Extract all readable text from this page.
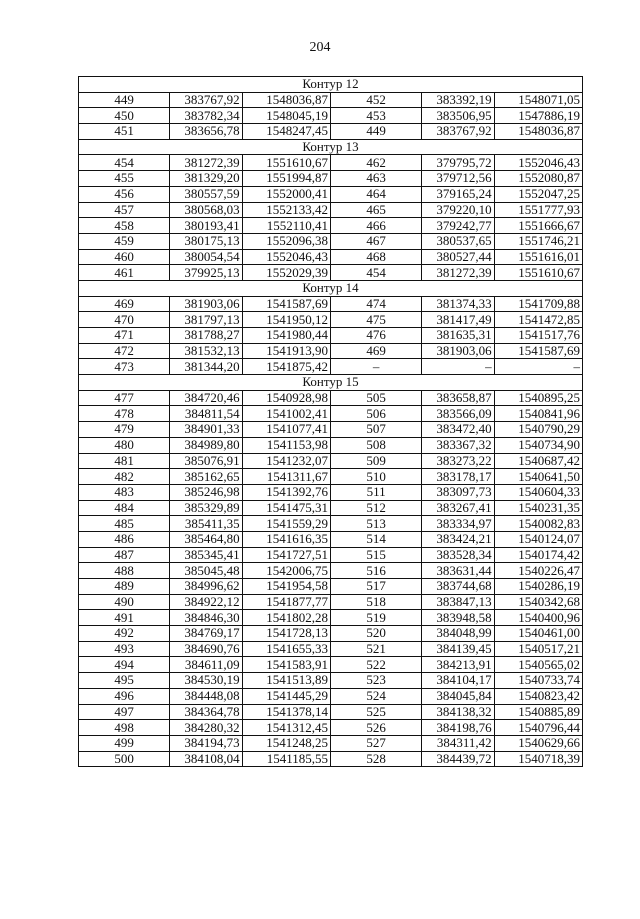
204
Контур 12					
449	383767,92	1548036,87	452	383392,19	1548071,05
450	383782,34	1548045,19	453	383506,95	1547886,19
451	383656,78	1548247,45	449	383767,92	1548036,87
Контур 13					
454	381272,39	1551610,67	462	379795,72	1552046,43
455	381329,20	1551994,87	463	379712,56	1552080,87
456	380557,59	1552000,41	464	379165,24	1552047,25
457	380568,03	1552133,42	465	379220,10	1551777,93
458	380193,41	1552110,41	466	379242,77	1551666,67
459	380175,13	1552096,38	467	380537,65	1551746,21
460	380054,54	1552046,43	468	380527,44	1551616,01
461	379925,13	1552029,39	454	381272,39	1551610,67
Контур 14					
469	381903,06	1541587,69	474	381374,33	1541709,88
470	381797,13	1541950,12	475	381417,49	1541472,85
471	381788,27	1541980,44	476	381635,31	1541517,76
472	381532,13	1541913,90	469	381903,06	1541587,69
473	381344,20	1541875,42	–	–	–
Контур 15					
477	384720,46	1540928,98	505	383658,87	1540895,25
478	384811,54	1541002,41	506	383566,09	1540841,96
479	384901,33	1541077,41	507	383472,40	1540790,29
480	384989,80	1541153,98	508	383367,32	1540734,90
481	385076,91	1541232,07	509	383273,22	1540687,42
482	385162,65	1541311,67	510	383178,17	1540641,50
483	385246,98	1541392,76	511	383097,73	1540604,33
484	385329,89	1541475,31	512	383267,41	1540231,35
485	385411,35	1541559,29	513	383334,97	1540082,83
486	385464,80	1541616,35	514	383424,21	1540124,07
487	385345,41	1541727,51	515	383528,34	1540174,42
488	385045,48	1542006,75	516	383631,44	1540226,47
489	384996,62	1541954,58	517	383744,68	1540286,19
490	384922,12	1541877,77	518	383847,13	1540342,68
491	384846,30	1541802,28	519	383948,58	1540400,96
492	384769,17	1541728,13	520	384048,99	1540461,00
493	384690,76	1541655,33	521	384139,45	1540517,21
494	384611,09	1541583,91	522	384213,91	1540565,02
495	384530,19	1541513,89	523	384104,17	1540733,74
496	384448,08	1541445,29	524	384045,84	1540823,42
497	384364,78	1541378,14	525	384138,32	1540885,89
498	384280,32	1541312,45	526	384198,76	1540796,44
499	384194,73	1541248,25	527	384311,42	1540629,66
500	384108,04	1541185,55	528	384439,72	1540718,39
